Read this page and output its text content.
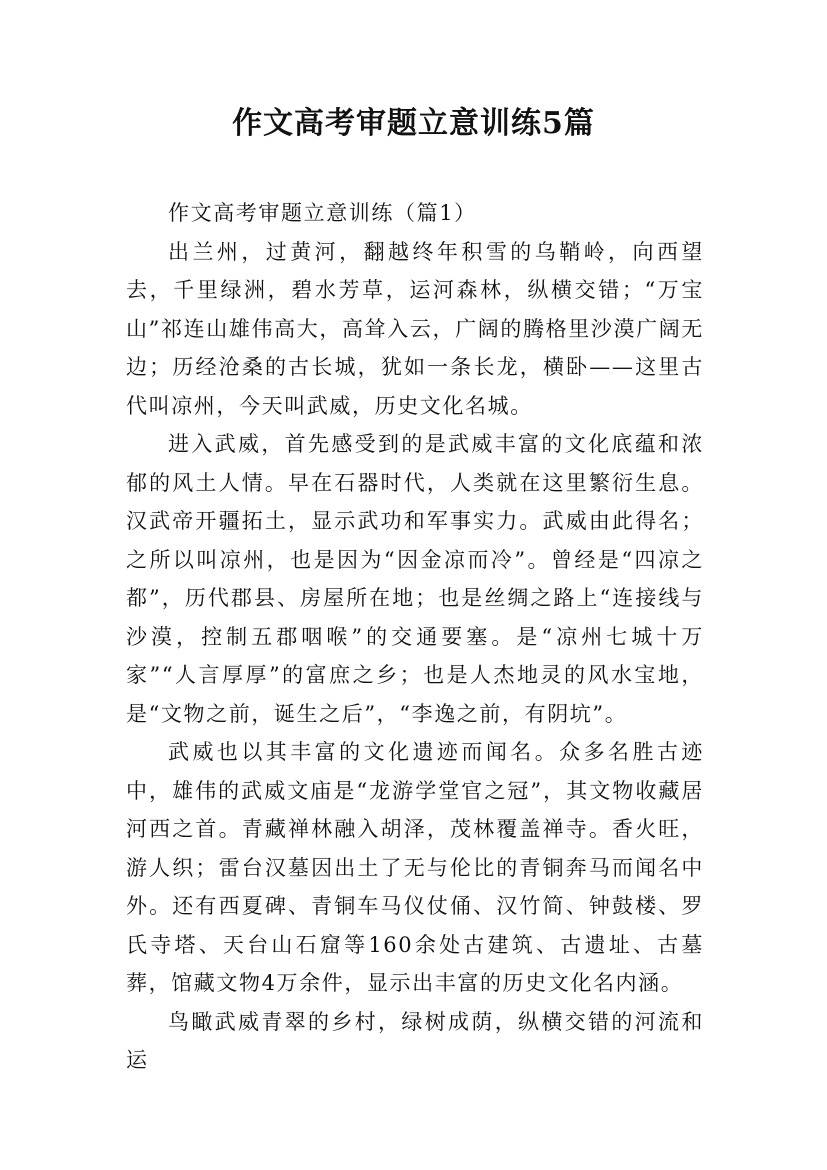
作文高考审题立意训练5篇

作文高考审题立意训练（篇1）

出兰州，过黄河，翻越终年积雪的乌鞘岭，向西望去，千里绿洲，碧水芳草，运河森林，纵横交错；“万宝山”祁连山雄伟高大，高耸入云，广阔的腾格里沙漠广阔无边；历经沧桑的古长城，犹如一条长龙，横卧——这里古代叫凉州，今天叫武威，历史文化名城。

进入武威，首先感受到的是武威丰富的文化底蕴和浓郁的风土人情。早在石器时代，人类就在这里繁衍生息。汉武帝开疆拓土，显示武功和军事实力。武威由此得名；之所以叫凉州，也是因为“因金凉而冷”。曾经是“四凉之都”，历代郡县、房屋所在地；也是丝绸之路上“连接线与沙漠，控制五郡咽喉”的交通要塞。是“凉州七城十万家”“人言厚厚”的富庶之乡；也是人杰地灵的风水宝地，是“文物之前，诞生之后”，“李逸之前，有阴坑”。

武威也以其丰富的文化遗迹而闻名。众多名胜古迹中，雄伟的武威文庙是“龙游学堂官之冠”，其文物收藏居河西之首。青藏禅林融入胡泽，茂林覆盖禅寺。香火旺，游人织；雷台汉墓因出土了无与伦比的青铜奔马而闻名中外。还有西夏碑、青铜车马仪仗俑、汉竹简、钟鼓楼、罗氏寺塔、天台山石窟等160余处古建筑、古遗址、古墓葬，馆藏文物4万余件，显示出丰富的历史文化名内涵。

鸟瞰武威青翠的乡村，绿树成荫，纵横交错的河流和运
